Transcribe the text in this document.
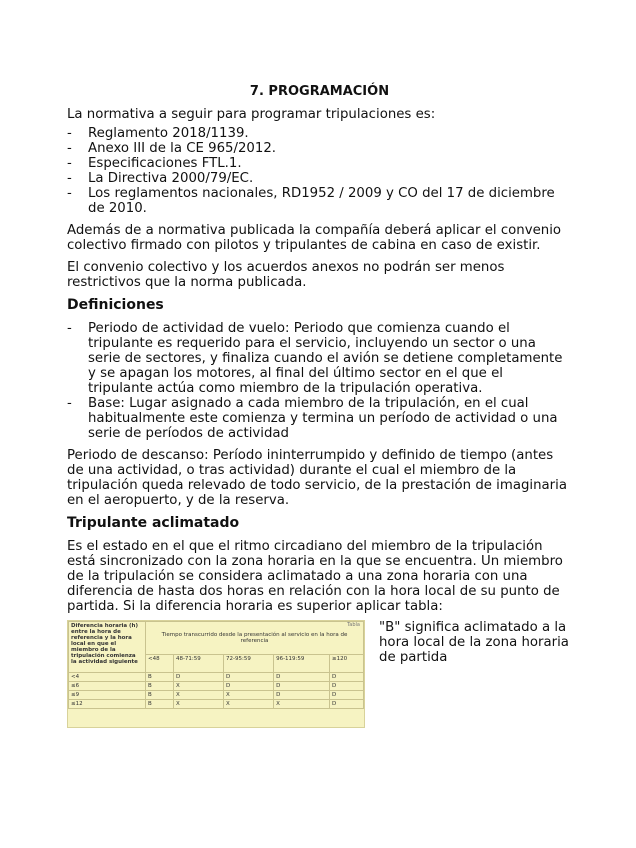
7. PROGRAMACIÓN

La normativa a seguir para programar tripulaciones es:

- Reglamento 2018/1139.
- Anexo III de la CE 965/2012.
- Especificaciones FTL.1.
- La Directiva 2000/79/EC.
- Los reglamentos nacionales, RD1952 / 2009 y CO del 17 de diciembre de 2010.

Además de a normativa publicada la compañía deberá aplicar el convenio colectivo firmado con pilotos y tripulantes de cabina en caso de existir.

El convenio colectivo y los acuerdos anexos no podrán ser menos restrictivos que la norma publicada.

Definiciones
- Periodo de actividad de vuelo: Periodo que comienza cuando el tripulante es requerido para el servicio, incluyendo un sector o una serie de sectores, y finaliza cuando el avión se detiene completamente y se apagan los motores, al final del último sector en el que el tripulante actúa como miembro de la tripulación operativa.
- Base: Lugar asignado a cada miembro de la tripulación, en el cual habitualmente este comienza y termina un período de actividad o una serie de períodos de actividad

Periodo de descanso: Período ininterrumpido y definido de tiempo (antes de una actividad, o tras actividad) durante el cual el miembro de la tripulación queda relevado de todo servicio, de la prestación de imaginaria en el aeropuerto, y de la reserva.

Tripulante aclimatado

Es el estado en el que el ritmo circadiano del miembro de la tripulación está sincronizado con la zona horaria en la que se encuentra. Un miembro de la tripulación se considera aclimatado a una zona horaria con una diferencia de hasta dos horas en relación con la hora local de su punto de partida. Si la diferencia horaria es superior aplicar tabla:

Tabla
Diferencia horaria (h) entre la hora de referencia y la hora local en que el miembro de la tripulación comienza la actividad siguiente	Tiempo transcurrido desde la presentación al servicio en la hora de referencia				
	<48	48-71:59	72-95:59	96-119:59	≥120
<4	B	D	D	D	D
≤6	B	X	D	D	D
≤9	B	X	X	D	D
≤12	B	X	X	X	D

"B" significa aclimatado a la hora local de la zona horaria de partida
